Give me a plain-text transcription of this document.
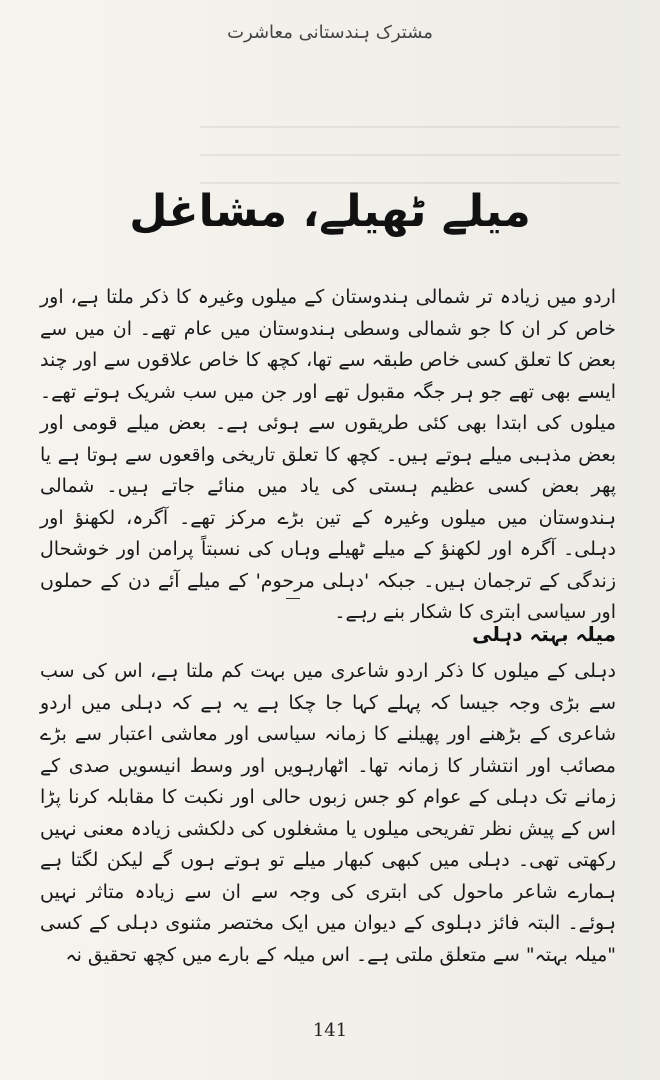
مشترک ہندستانی معاشرت
میلے ٹھیلے، مشاغل
اردو میں زیادہ تر شمالی ہندوستان کے میلوں وغیرہ کا ذکر ملتا ہے، اور خاص کر ان کا جو شمالی وسطی ہندوستان میں عام تھے۔ ان میں سے بعض کا تعلق کسی خاص طبقہ سے تھا، کچھ کا خاص علاقوں سے اور چند ایسے بھی تھے جو ہر جگہ مقبول تھے اور جن میں سب شریک ہوتے تھے۔ میلوں کی ابتدا بھی کئی طریقوں سے ہوئی ہے۔ بعض میلے قومی اور بعض مذہبی میلے ہوتے ہیں۔ کچھ کا تعلق تاریخی واقعوں سے ہوتا ہے یا پھر بعض کسی عظیم ہستی کی یاد میں منائے جاتے ہیں۔ شمالی ہندوستان میں میلوں وغیرہ کے تین بڑے مرکز تھے۔ آگرہ، لکھنؤ اور دہلی۔ آگرہ اور لکھنؤ کے میلے ٹھیلے وہاں کی نسبتاً پرامن اور خوشحال زندگی کے ترجمان ہیں۔ جبکہ 'دہلی مرحوم' کے میلے آئے دن کے حملوں اور سیاسی ابتری کا شکار بنے رہے۔
میلہ بہتہ دہلی
دہلی کے میلوں کا ذکر اردو شاعری میں بہت کم ملتا ہے، اس کی سب سے بڑی وجہ جیسا کہ پہلے کہا جا چکا ہے یہ ہے کہ دہلی میں اردو شاعری کے بڑھنے اور پھیلنے کا زمانہ سیاسی اور معاشی اعتبار سے بڑے مصائب اور انتشار کا زمانہ تھا۔ اٹھارہویں اور وسط انیسویں صدی کے زمانے تک دہلی کے عوام کو جس زبوں حالی اور نکبت کا مقابلہ کرنا پڑا اس کے پیش نظر تفریحی میلوں یا مشغلوں کی دلکشی زیادہ معنی نہیں رکھتی تھی۔ دہلی میں کبھی کبھار میلے تو ہوتے ہوں گے لیکن لگتا ہے ہمارے شاعر ماحول کی ابتری کی وجہ سے ان سے زیادہ متاثر نہیں ہوئے۔ البتہ فائز دہلوی کے دیوان میں ایک مختصر مثنوی دہلی کے کسی "میلہ بہتہ" سے متعلق ملتی ہے۔ اس میلہ کے بارے میں کچھ تحقیق نہ
141
